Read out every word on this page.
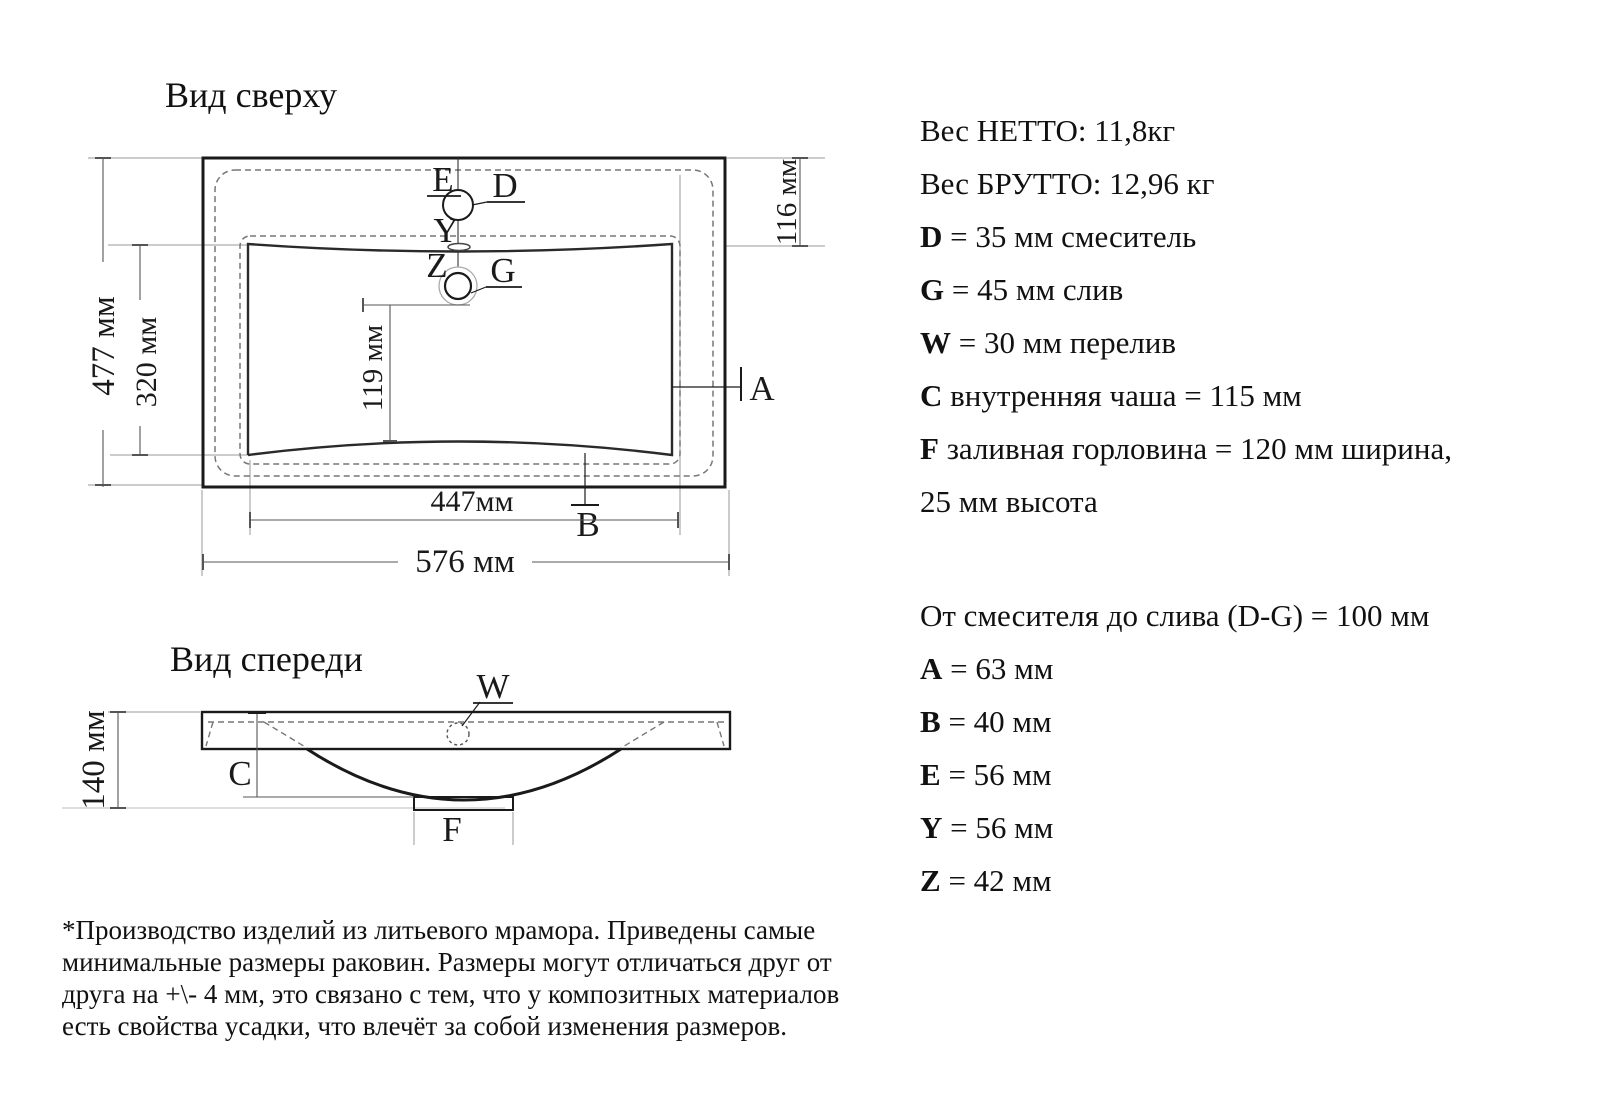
Вид сверху
Вид спереди
E D
Y
Z G
A
B
477 мм 320 мм
116 мм
119 мм
447мм
576 мм
C
W
F
140 мм
Вес НЕТТО: 11,8кг
Вес БРУТТО: 12,96 кг
D = 35 мм смеситель
G = 45 мм слив
W = 30 мм перелив
C внутренняя чаша = 115 мм
F заливная горловина = 120 мм ширина,
25 мм высота
От смесителя до слива (D-G) = 100 мм
A = 63 мм
B = 40 мм
E = 56 мм
Y = 56 мм
Z = 42 мм
*Производство изделий из литьевого мрамора. Приведены самые
минимальные размеры раковин. Размеры могут отличаться друг от
друга на +\- 4 мм, это связано с тем, что у композитных материалов
есть свойства усадки, что влечёт за собой изменения размеров.
